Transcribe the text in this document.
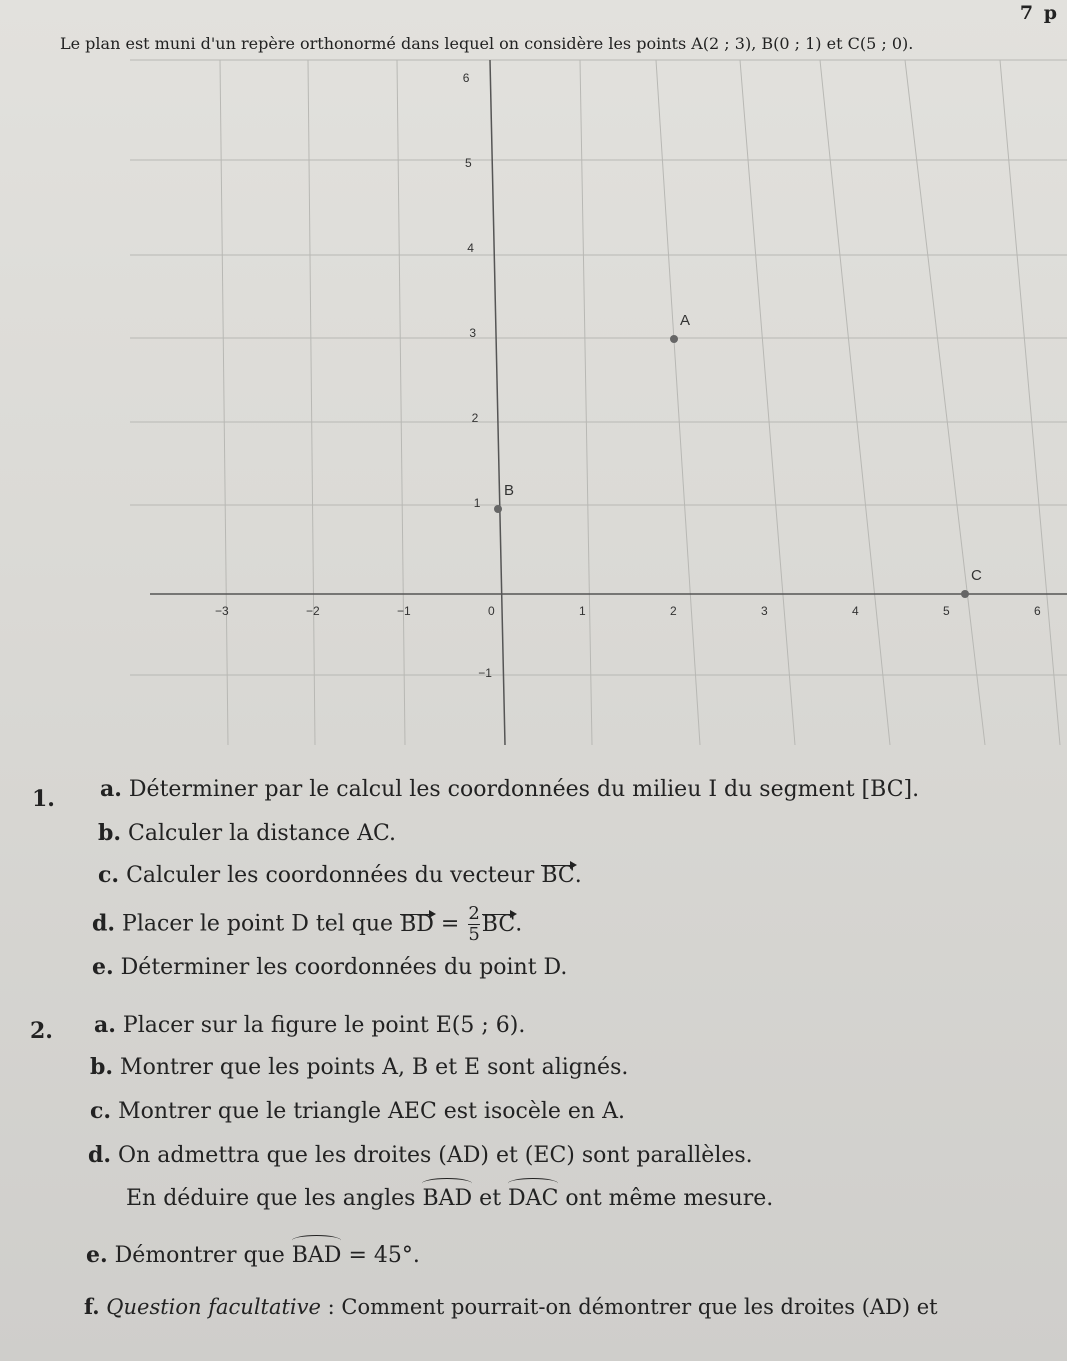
7 p
Le plan est muni d'un repère orthonormé dans lequel on considère les points A(2 ; 3), B(0 ; 1) et C(5 ; 0).
−3	−2	−1	0	1	2	3	4	5	6
6
5
4
3
2
1
−1
A
B
C
1. a. Déterminer par le calcul les coordonnées du milieu I du segment [BC].
b. Calculer la distance AC.
c. Calculer les coordonnées du vecteur BC.
d. Placer le point D tel que BD = $\frac{2}{5}$ BC.
e. Déterminer les coordonnées du point D.
2. a. Placer sur la figure le point E(5 ; 6).
b. Montrer que les points A, B et E sont alignés.
c. Montrer que le triangle AEC est isocèle en A.
d. On admettra que les droites (AD) et (EC) sont parallèles.
En déduire que les angles BAD et DAC ont même mesure.
e. Démontrer que BAD = 45°.
f. Question facultative : Comment pourrait-on démontrer que les droites (AD) et
